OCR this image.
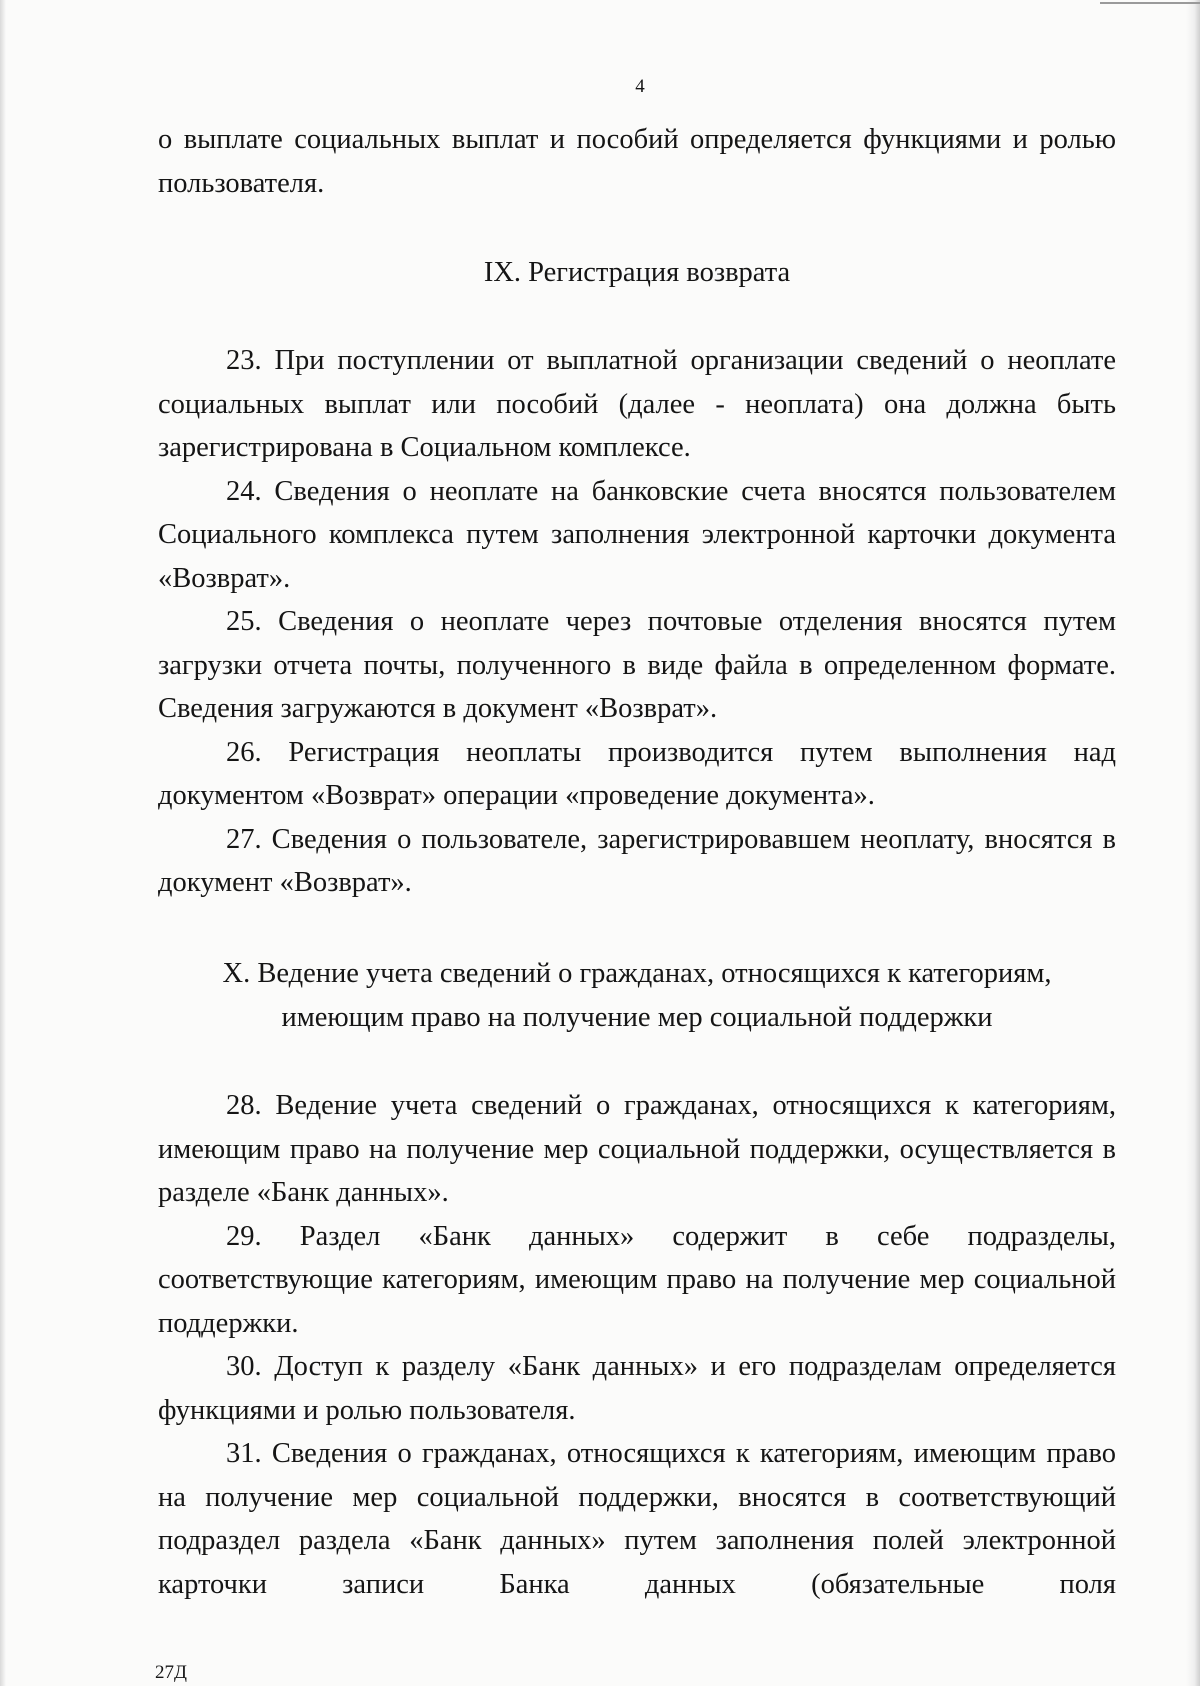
4

о выплате социальных выплат и пособий определяется функциями и ролью пользователя.

IX. Регистрация возврата

23. При поступлении от выплатной организации сведений о неоплате социальных выплат или пособий (далее - неоплата) она должна быть зарегистрирована в Социальном комплексе.

24. Сведения о неоплате на банковские счета вносятся пользователем Социального комплекса путем заполнения электронной карточки документа «Возврат».

25. Сведения о неоплате через почтовые отделения вносятся путем загрузки отчета почты, полученного в виде файла в определенном формате. Сведения загружаются в документ «Возврат».

26. Регистрация неоплаты производится путем выполнения над документом «Возврат» операции «проведение документа».

27. Сведения о пользователе, зарегистрировавшем неоплату, вносятся в документ «Возврат».

X. Ведение учета сведений о гражданах, относящихся к категориям,

имеющим право на получение мер социальной поддержки

28. Ведение учета сведений о гражданах, относящихся к категориям, имеющим право на получение мер социальной поддержки, осуществляется в разделе «Банк данных».

29. Раздел «Банк данных» содержит в себе подразделы, соответствующие категориям, имеющим право на получение мер социальной поддержки.

30. Доступ к разделу «Банк данных» и его подразделам определяется функциями и ролью пользователя.

31. Сведения о гражданах, относящихся к категориям, имеющим право на получение мер социальной поддержки, вносятся в соответствующий подраздел раздела «Банк данных» путем заполнения полей электронной карточки записи Банка данных (обязательные поля

27Д
